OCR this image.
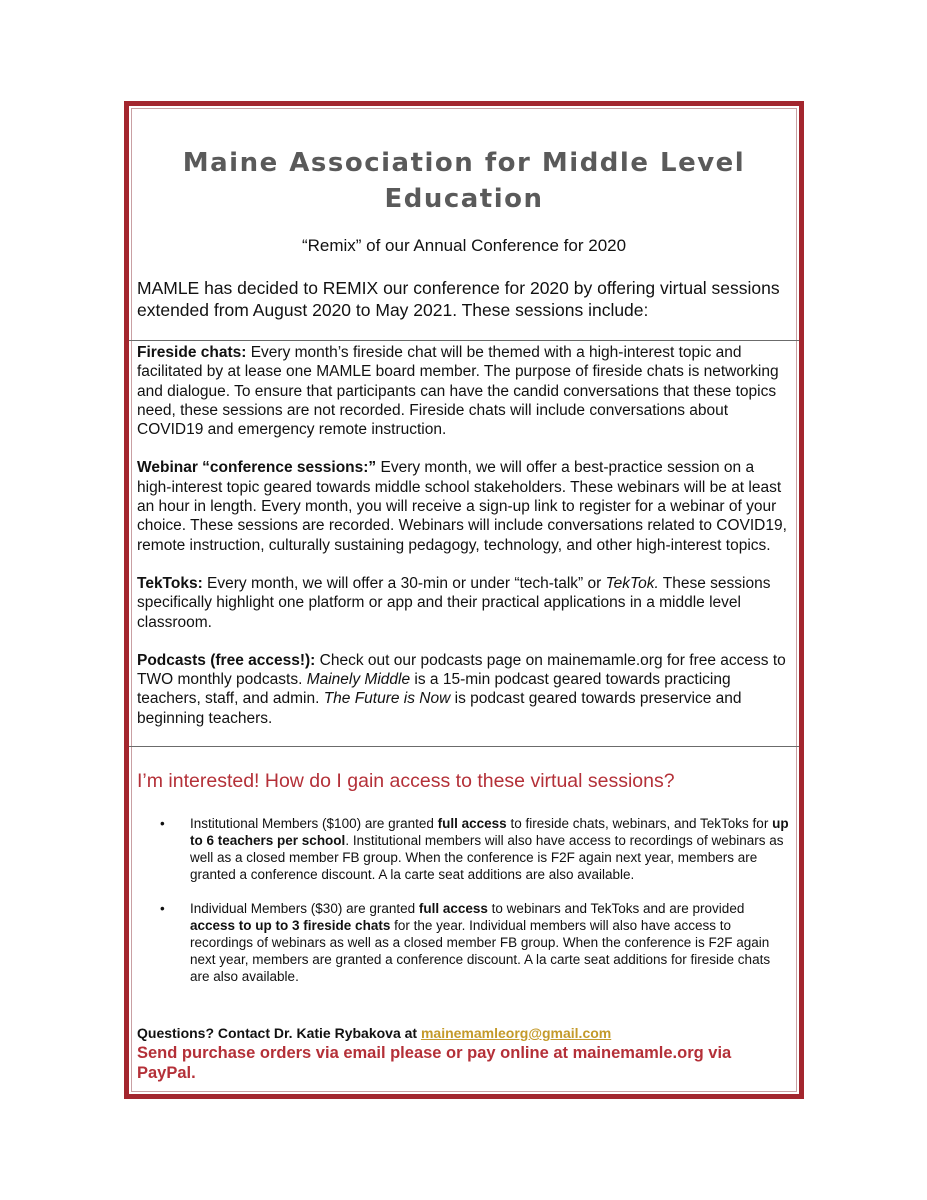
Maine Association for Middle Level Education

“Remix” of our Annual Conference for 2020

MAMLE has decided to REMIX our conference for 2020 by offering virtual sessions extended from August 2020 to May 2021. These sessions include:

Fireside chats: Every month’s fireside chat will be themed with a high-interest topic and facilitated by at lease one MAMLE board member. The purpose of fireside chats is networking and dialogue. To ensure that participants can have the candid conversations that these topics need, these sessions are not recorded. Fireside chats will include conversations about COVID19 and emergency remote instruction.

Webinar “conference sessions:” Every month, we will offer a best-practice session on a high-interest topic geared towards middle school stakeholders. These webinars will be at least an hour in length. Every month, you will receive a sign-up link to register for a webinar of your choice. These sessions are recorded. Webinars will include conversations related to COVID19, remote instruction, culturally sustaining pedagogy, technology, and other high-interest topics.

TekToks: Every month, we will offer a 30-min or under “tech-talk” or TekTok. These sessions specifically highlight one platform or app and their practical applications in a middle level classroom.

Podcasts (free access!): Check out our podcasts page on mainemamle.org for free access to TWO monthly podcasts. Mainely Middle is a 15-min podcast geared towards practicing teachers, staff, and admin. The Future is Now is podcast geared towards preservice and beginning teachers.

I’m interested! How do I gain access to these virtual sessions?
• Institutional Members ($100) are granted full access to fireside chats, webinars, and TekToks for up to 6 teachers per school. Institutional members will also have access to recordings of webinars as well as a closed member FB group. When the conference is F2F again next year, members are granted a conference discount. A la carte seat additions are also available.
• Individual Members ($30) are granted full access to webinars and TekToks and are provided access to up to 3 fireside chats for the year. Individual members will also have access to recordings of webinars as well as a closed member FB group. When the conference is F2F again next year, members are granted a conference discount. A la carte seat additions for fireside chats are also available.

Questions? Contact Dr. Katie Rybakova at mainemamleorg@gmail.com

Send purchase orders via email please or pay online at mainemamle.org via PayPal.
